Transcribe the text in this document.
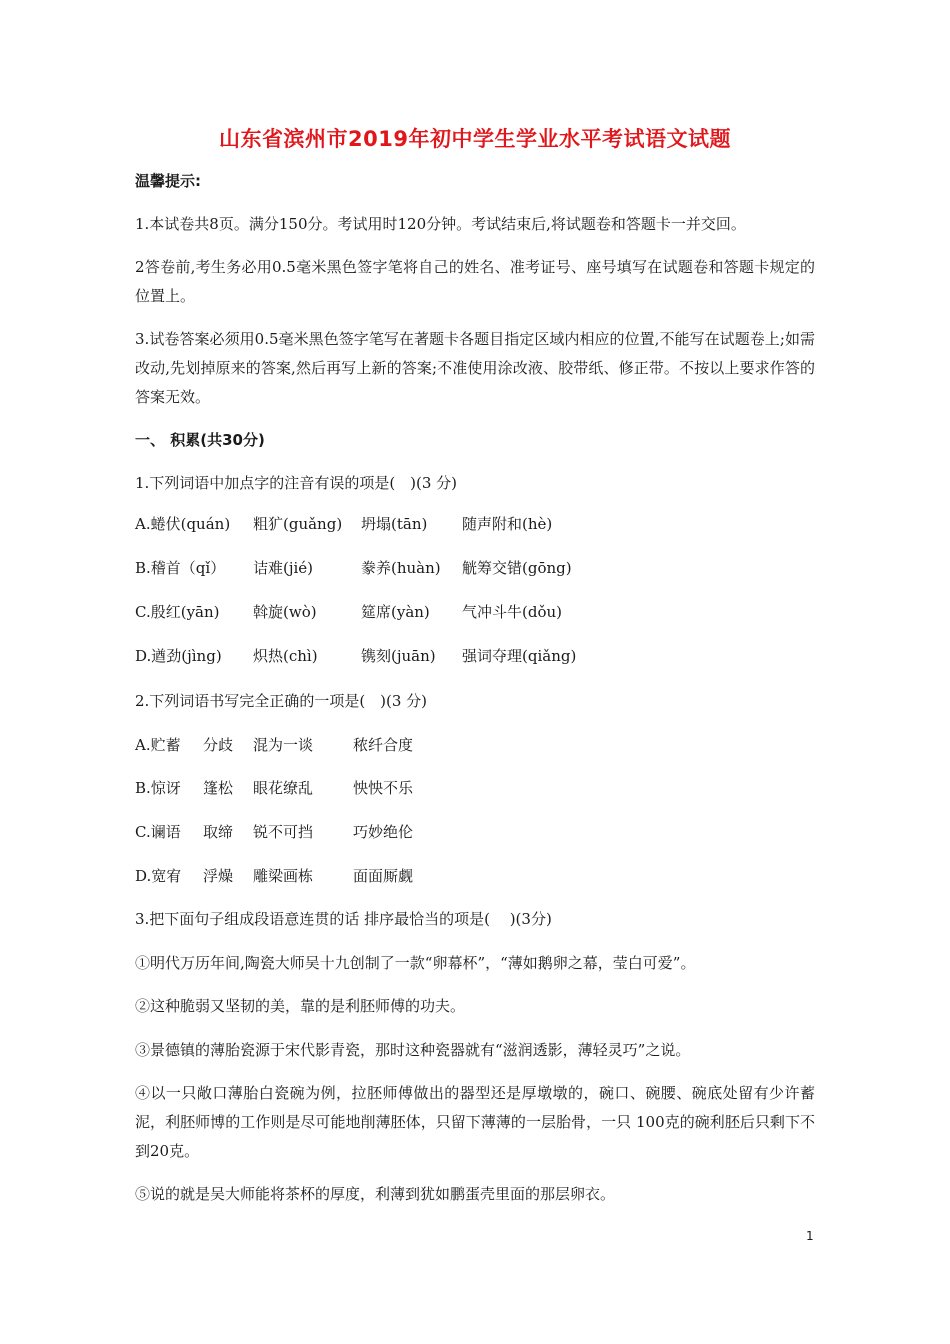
山东省滨州市2019年初中学生学业水平考试语文试题
温馨提示:
1.本试卷共8页。满分150分。考试用时120分钟。考试结束后,将试题卷和答题卡一并交回。
2答卷前,考生务必用0.5毫米黑色签字笔将自己的姓名、准考证号、座号填写在试题卷和答题卡规定的位置上。
3.试卷答案必须用0.5毫米黑色签字笔写在著题卡各题目指定区域内相应的位置,不能写在试题卷上;如需改动,先划掉原来的答案,然后再写上新的答案;不准使用涂改液、胶带纸、修正带。不按以上要求作答的答案无效。
一、 积累(共30分)
1.下列词语中加点字的注音有误的项是(　)(3 分)
A.蜷伏(quán) 粗犷(guǎng) 坍塌(tān) 随声附和(hè)
B.稽首（qǐ） 诘难(jié)	豢养(huàn) 觥筹交错(gōng)
C.殷红(yān) 斡旋(wò)	筵席(yàn) 气冲斗牛(dǒu)
D.遒劲(jìng) 炽热(chì)	镌刻(juān) 强词夺理(qiǎng)
2.下列词语书写完全正确的一项是(　)(3 分)
A.贮蓄 分歧 混为一谈	秾纤合度
B.惊讶 篷松 眼花缭乱	怏怏不乐
C.谰语 取缔 锐不可挡	巧妙绝伦
D.宽宥 浮燥 雕梁画栋	面面厮觑
3.把下面句子组成段语意连贯的话 排序最恰当的项是(　 )(3分)
①明代万历年间,陶瓷大师吴十九创制了一款“卵幕杯”，“薄如鹅卵之幕，莹白可爱”。
②这种脆弱又坚韧的美，靠的是利胚师傅的功夫。
③景德镇的薄胎瓷源于宋代影青瓷，那时这种瓷器就有“滋润透影，薄轻灵巧”之说。
④以一只敞口薄胎白瓷碗为例，拉胚师傅做出的器型还是厚墩墩的，碗口、碗腰、碗底处留有少许蓄泥，利胚师博的工作则是尽可能地削薄胚体，只留下薄薄的一层胎骨，一只 100克的碗利胚后只剩下不到20克。
⑤说的就是吴大师能将茶杯的厚度，利薄到犹如鹏蛋壳里面的那层卵衣。
1
